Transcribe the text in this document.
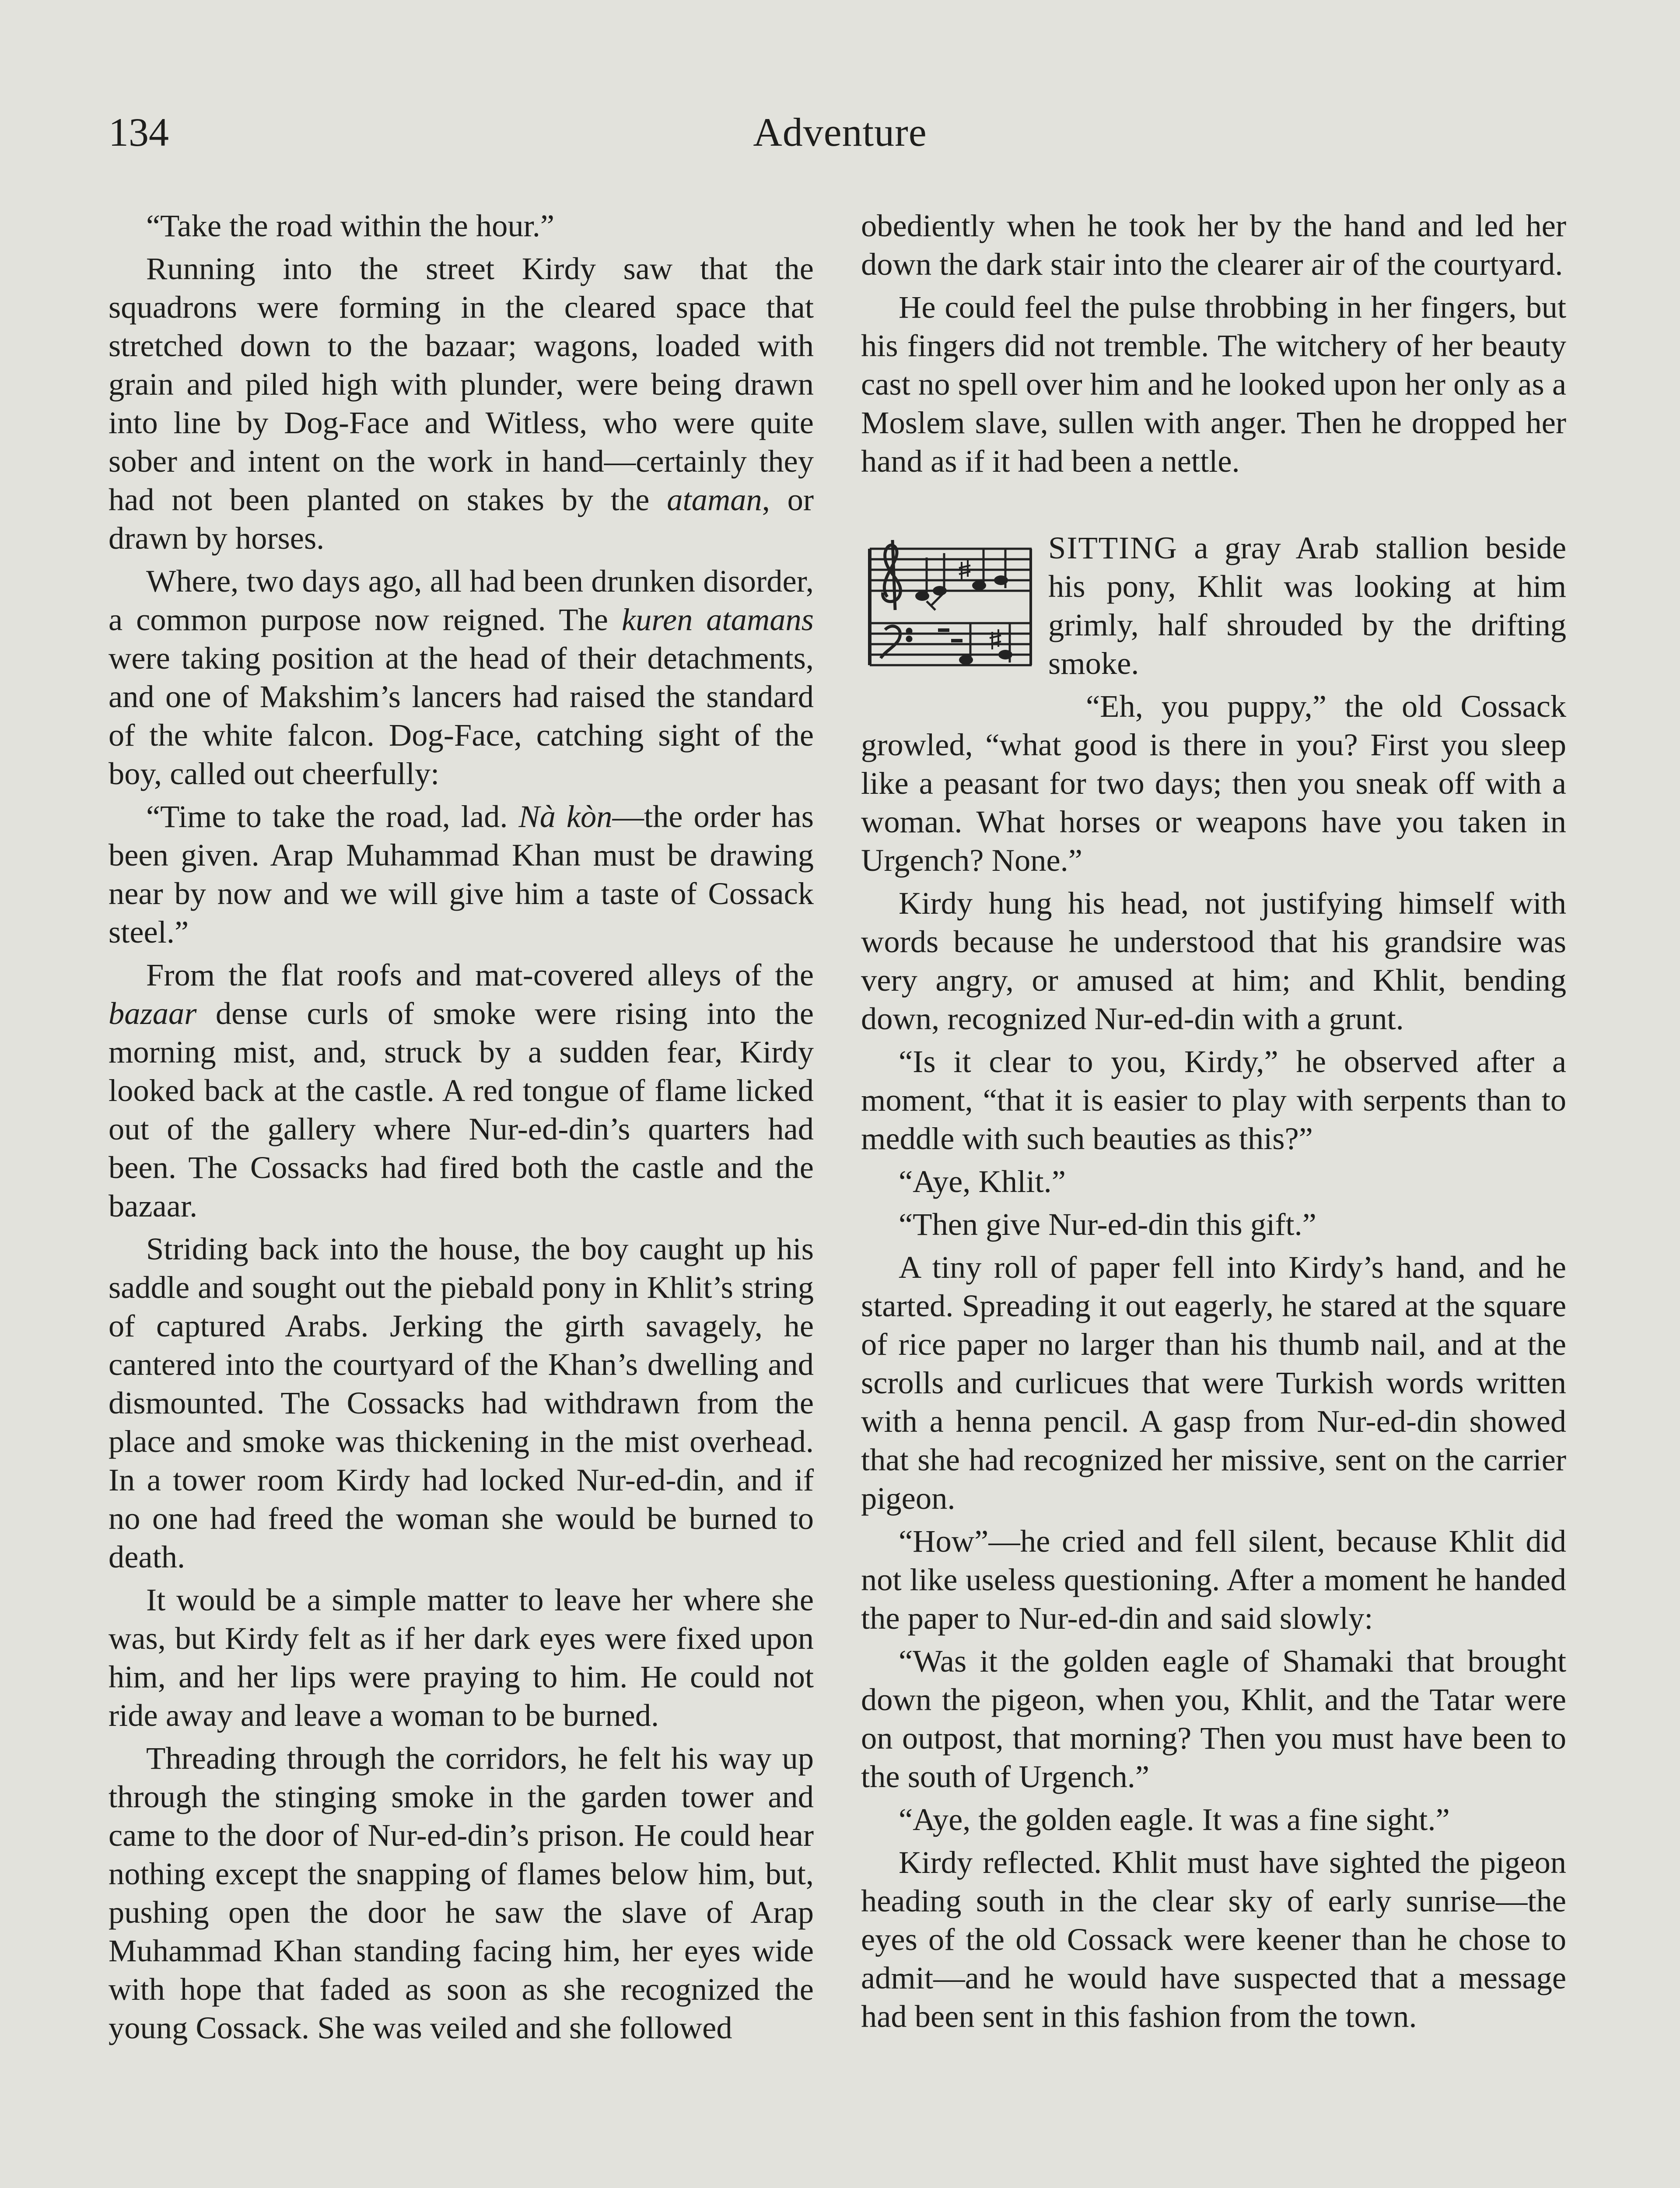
Adventure
134

“Take the road within the hour.”

Running into the street Kirdy saw that the squadrons were forming in the cleared space that stretched down to the bazaar; wagons, loaded with grain and piled high with plunder, were being drawn into line by Dog-Face and Witless, who were quite sober and intent on the work in hand—certainly they had not been planted on stakes by the ataman, or drawn by horses.

Where, two days ago, all had been drunken disorder, a common purpose now reigned. The kuren atamans were taking position at the head of their detachments, and one of Makshim’s lancers had raised the standard of the white falcon. Dog-Face, catching sight of the boy, called out cheerfully:

“Time to take the road, lad. Nà kòn—the order has been given. Arap Muhammad Khan must be drawing near by now and we will give him a taste of Cossack steel.”

From the flat roofs and mat-covered alleys of the bazaar dense curls of smoke were rising into the morning mist, and, struck by a sudden fear, Kirdy looked back at the castle. A red tongue of flame licked out of the gallery where Nur-ed-din’s quarters had been. The Cossacks had fired both the castle and the bazaar.

Striding back into the house, the boy caught up his saddle and sought out the piebald pony in Khlit’s string of captured Arabs. Jerking the girth savagely, he cantered into the courtyard of the Khan’s dwelling and dismounted. The Cossacks had withdrawn from the place and smoke was thickening in the mist overhead. In a tower room Kirdy had locked Nur-ed-din, and if no one had freed the woman she would be burned to death.

It would be a simple matter to leave her where she was, but Kirdy felt as if her dark eyes were fixed upon him, and her lips were praying to him. He could not ride away and leave a woman to be burned.

Threading through the corridors, he felt his way up through the stinging smoke in the garden tower and came to the door of Nur-ed-din’s prison. He could hear nothing except the snapping of flames below him, but, pushing open the door he saw the slave of Arap Muhammad Khan standing facing him, her eyes wide with hope that faded as soon as she recognized the young Cossack. She was veiled and she followed

obediently when he took her by the hand and led her down the dark stair into the clearer air of the courtyard.

He could feel the pulse throbbing in her fingers, but his fingers did not tremble. The witchery of her beauty cast no spell over him and he looked upon her only as a Moslem slave, sullen with anger. Then he dropped her hand as if it had been a nettle.

SITTING a gray Arab stallion beside his pony, Khlit was looking at him grimly, half shrouded by the drifting smoke.

“Eh, you puppy,” the old Cossack growled, “what good is there in you? First you sleep like a peasant for two days; then you sneak off with a woman. What horses or weapons have you taken in Urgench? None.”

Kirdy hung his head, not justifying himself with words because he understood that his grandsire was very angry, or amused at him; and Khlit, bending down, recognized Nur-ed-din with a grunt.

“Is it clear to you, Kirdy,” he observed after a moment, “that it is easier to play with serpents than to meddle with such beauties as this?”

“Aye, Khlit.”

“Then give Nur-ed-din this gift.”

A tiny roll of paper fell into Kirdy’s hand, and he started. Spreading it out eagerly, he stared at the square of rice paper no larger than his thumb nail, and at the scrolls and curlicues that were Turkish words written with a henna pencil. A gasp from Nur-ed-din showed that she had recognized her missive, sent on the carrier pigeon.

“How”—he cried and fell silent, because Khlit did not like useless questioning. After a moment he handed the paper to Nur-ed-din and said slowly:

“Was it the golden eagle of Shamaki that brought down the pigeon, when you, Khlit, and the Tatar were on outpost, that morning? Then you must have been to the south of Urgench.”

“Aye, the golden eagle. It was a fine sight.”

Kirdy reflected. Khlit must have sighted the pigeon heading south in the clear sky of early sunrise—the eyes of the old Cossack were keener than he chose to admit—and he would have suspected that a message had been sent in this fashion from the town.
